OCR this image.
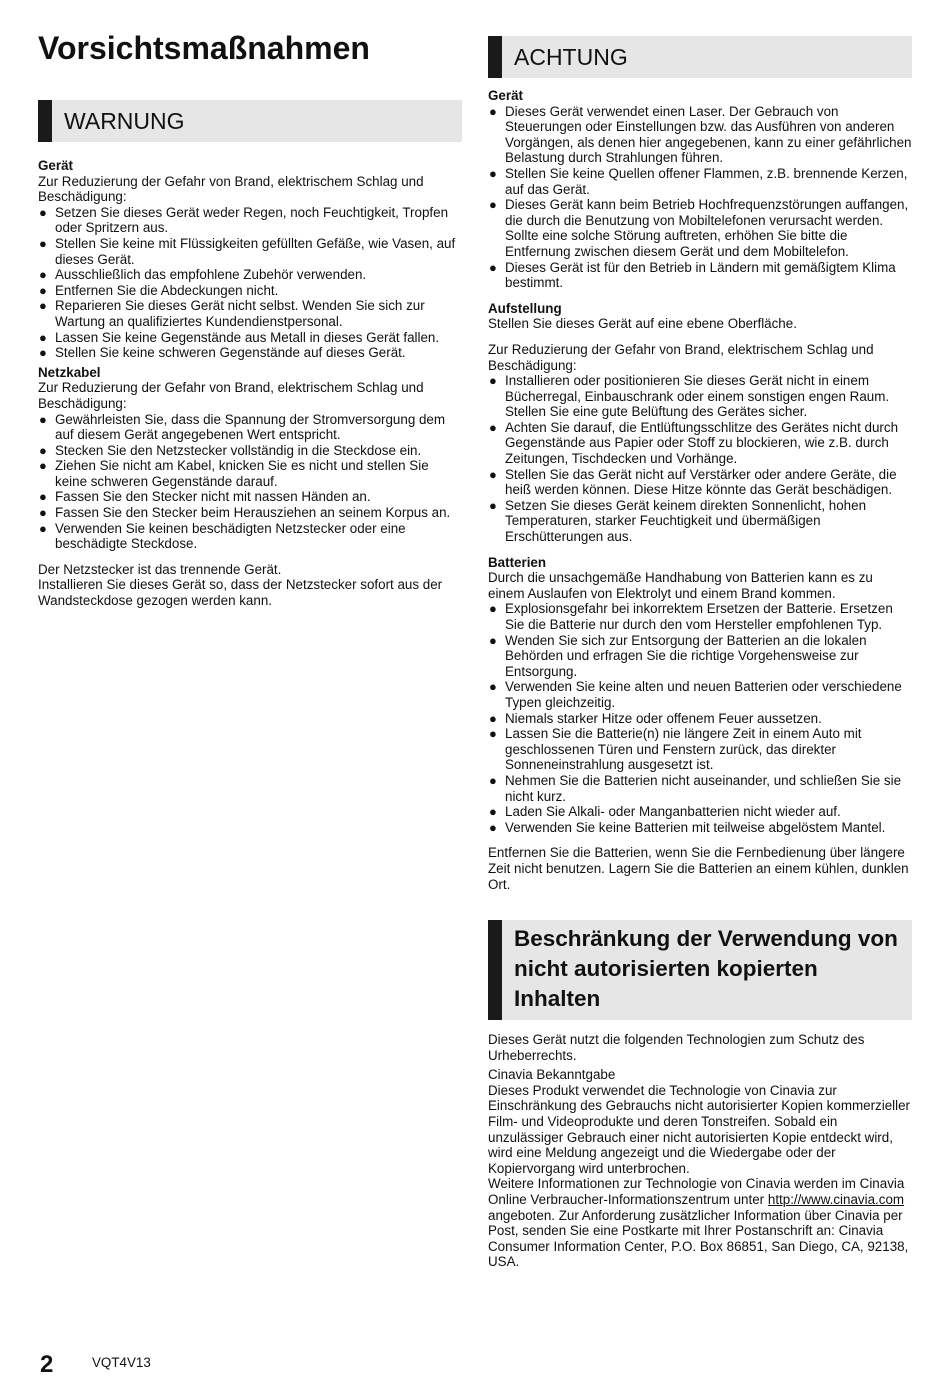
Vorsichtsmaßnahmen
WARNUNG
Gerät

Zur Reduzierung der Gefahr von Brand, elektrischem Schlag und Beschädigung:

● Setzen Sie dieses Gerät weder Regen, noch Feuchtigkeit, Tropfen oder Spritzern aus.
● Stellen Sie keine mit Flüssigkeiten gefüllten Gefäße, wie Vasen, auf dieses Gerät.
● Ausschließlich das empfohlene Zubehör verwenden.
● Entfernen Sie die Abdeckungen nicht.
● Reparieren Sie dieses Gerät nicht selbst. Wenden Sie sich zur Wartung an qualifiziertes Kundendienstpersonal.
● Lassen Sie keine Gegenstände aus Metall in dieses Gerät fallen.
● Stellen Sie keine schweren Gegenstände auf dieses Gerät.
Netzkabel

Zur Reduzierung der Gefahr von Brand, elektrischem Schlag und Beschädigung:

● Gewährleisten Sie, dass die Spannung der Stromversorgung dem auf diesem Gerät angegebenen Wert entspricht.
● Stecken Sie den Netzstecker vollständig in die Steckdose ein.
● Ziehen Sie nicht am Kabel, knicken Sie es nicht und stellen Sie keine schweren Gegenstände darauf.
● Fassen Sie den Stecker nicht mit nassen Händen an.
● Fassen Sie den Stecker beim Herausziehen an seinem Korpus an.
● Verwenden Sie keinen beschädigten Netzstecker oder eine beschädigte Steckdose.

Der Netzstecker ist das trennende Gerät.
Installieren Sie dieses Gerät so, dass der Netzstecker sofort aus der Wandsteckdose gezogen werden kann.

ACHTUNG
Gerät
● Dieses Gerät verwendet einen Laser. Der Gebrauch von Steuerungen oder Einstellungen bzw. das Ausführen von anderen Vorgängen, als denen hier angegebenen, kann zu einer gefährlichen Belastung durch Strahlungen führen.
● Stellen Sie keine Quellen offener Flammen, z.B. brennende Kerzen, auf das Gerät.
● Dieses Gerät kann beim Betrieb Hochfrequenzstörungen auffangen, die durch die Benutzung von Mobiltelefonen verursacht werden. Sollte eine solche Störung auftreten, erhöhen Sie bitte die Entfernung zwischen diesem Gerät und dem Mobiltelefon.
● Dieses Gerät ist für den Betrieb in Ländern mit gemäßigtem Klima bestimmt.
Aufstellung

Stellen Sie dieses Gerät auf eine ebene Oberfläche.

Zur Reduzierung der Gefahr von Brand, elektrischem Schlag und Beschädigung:

● Installieren oder positionieren Sie dieses Gerät nicht in einem Bücherregal, Einbauschrank oder einem sonstigen engen Raum. Stellen Sie eine gute Belüftung des Gerätes sicher.
● Achten Sie darauf, die Entlüftungsschlitze des Gerätes nicht durch Gegenstände aus Papier oder Stoff zu blockieren, wie z.B. durch Zeitungen, Tischdecken und Vorhänge.
● Stellen Sie das Gerät nicht auf Verstärker oder andere Geräte, die heiß werden können. Diese Hitze könnte das Gerät beschädigen.
● Setzen Sie dieses Gerät keinem direkten Sonnenlicht, hohen Temperaturen, starker Feuchtigkeit und übermäßigen Erschütterungen aus.
Batterien

Durch die unsachgemäße Handhabung von Batterien kann es zu einem Auslaufen von Elektrolyt und einem Brand kommen.

● Explosionsgefahr bei inkorrektem Ersetzen der Batterie. Ersetzen Sie die Batterie nur durch den vom Hersteller empfohlenen Typ.
● Wenden Sie sich zur Entsorgung der Batterien an die lokalen Behörden und erfragen Sie die richtige Vorgehensweise zur Entsorgung.
● Verwenden Sie keine alten und neuen Batterien oder verschiedene Typen gleichzeitig.
● Niemals starker Hitze oder offenem Feuer aussetzen.
● Lassen Sie die Batterie(n) nie längere Zeit in einem Auto mit geschlossenen Türen und Fenstern zurück, das direkter Sonneneinstrahlung ausgesetzt ist.
● Nehmen Sie die Batterien nicht auseinander, und schließen Sie sie nicht kurz.
● Laden Sie Alkali- oder Manganbatterien nicht wieder auf.
● Verwenden Sie keine Batterien mit teilweise abgelöstem Mantel.

Entfernen Sie die Batterien, wenn Sie die Fernbedienung über längere Zeit nicht benutzen. Lagern Sie die Batterien an einem kühlen, dunklen Ort.

Beschränkung der Verwendung von nicht autorisierten kopierten Inhalten

Dieses Gerät nutzt die folgenden Technologien zum Schutz des Urheberrechts.

Cinavia Bekanntgabe

Dieses Produkt verwendet die Technologie von Cinavia zur Einschränkung des Gebrauchs nicht autorisierter Kopien kommerzieller Film- und Videoprodukte und deren Tonstreifen. Sobald ein unzulässiger Gebrauch einer nicht autorisierten Kopie entdeckt wird, wird eine Meldung angezeigt und die Wiedergabe oder der Kopiervorgang wird unterbrochen.

Weitere Informationen zur Technologie von Cinavia werden im Cinavia Online Verbraucher-Informationszentrum unter http://www.cinavia.com angeboten. Zur Anforderung zusätzlicher Information über Cinavia per Post, senden Sie eine Postkarte mit Ihrer Postanschrift an: Cinavia Consumer Information Center, P.O. Box 86851, San Diego, CA, 92138, USA.

2	VQT4V13
